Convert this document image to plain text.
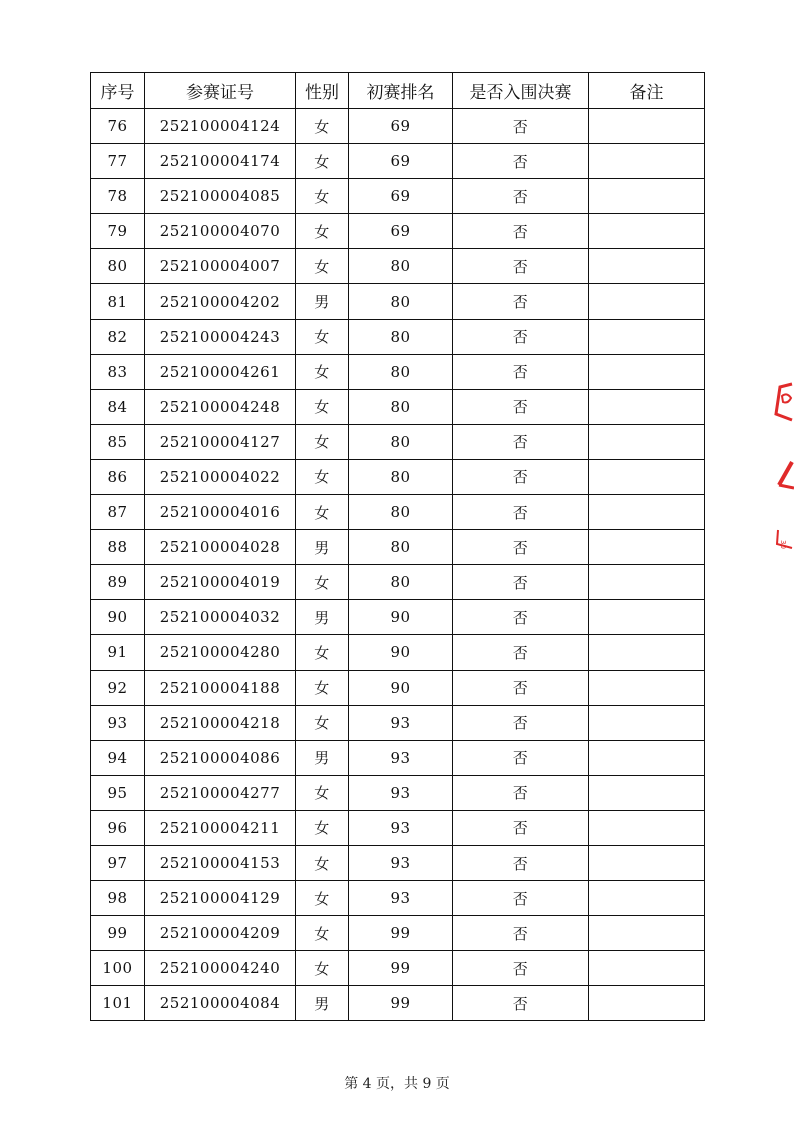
序号	参赛证号	性别	初赛排名	是否入围决赛	备注
76	252100004124	女	69	否	
77	252100004174	女	69	否	
78	252100004085	女	69	否	
79	252100004070	女	69	否	
80	252100004007	女	80	否	
81	252100004202	男	80	否	
82	252100004243	女	80	否	
83	252100004261	女	80	否	
84	252100004248	女	80	否	
85	252100004127	女	80	否	
86	252100004022	女	80	否	
87	252100004016	女	80	否	
88	252100004028	男	80	否	
89	252100004019	女	80	否	
90	252100004032	男	90	否	
91	252100004280	女	90	否	
92	252100004188	女	90	否	
93	252100004218	女	93	否	
94	252100004086	男	93	否	
95	252100004277	女	93	否	
96	252100004211	女	93	否	
97	252100004153	女	93	否	
98	252100004129	女	93	否	
99	252100004209	女	99	否	
100	252100004240	女	99	否	
101	252100004084	男	99	否	
第 4 页，共 9 页
30
